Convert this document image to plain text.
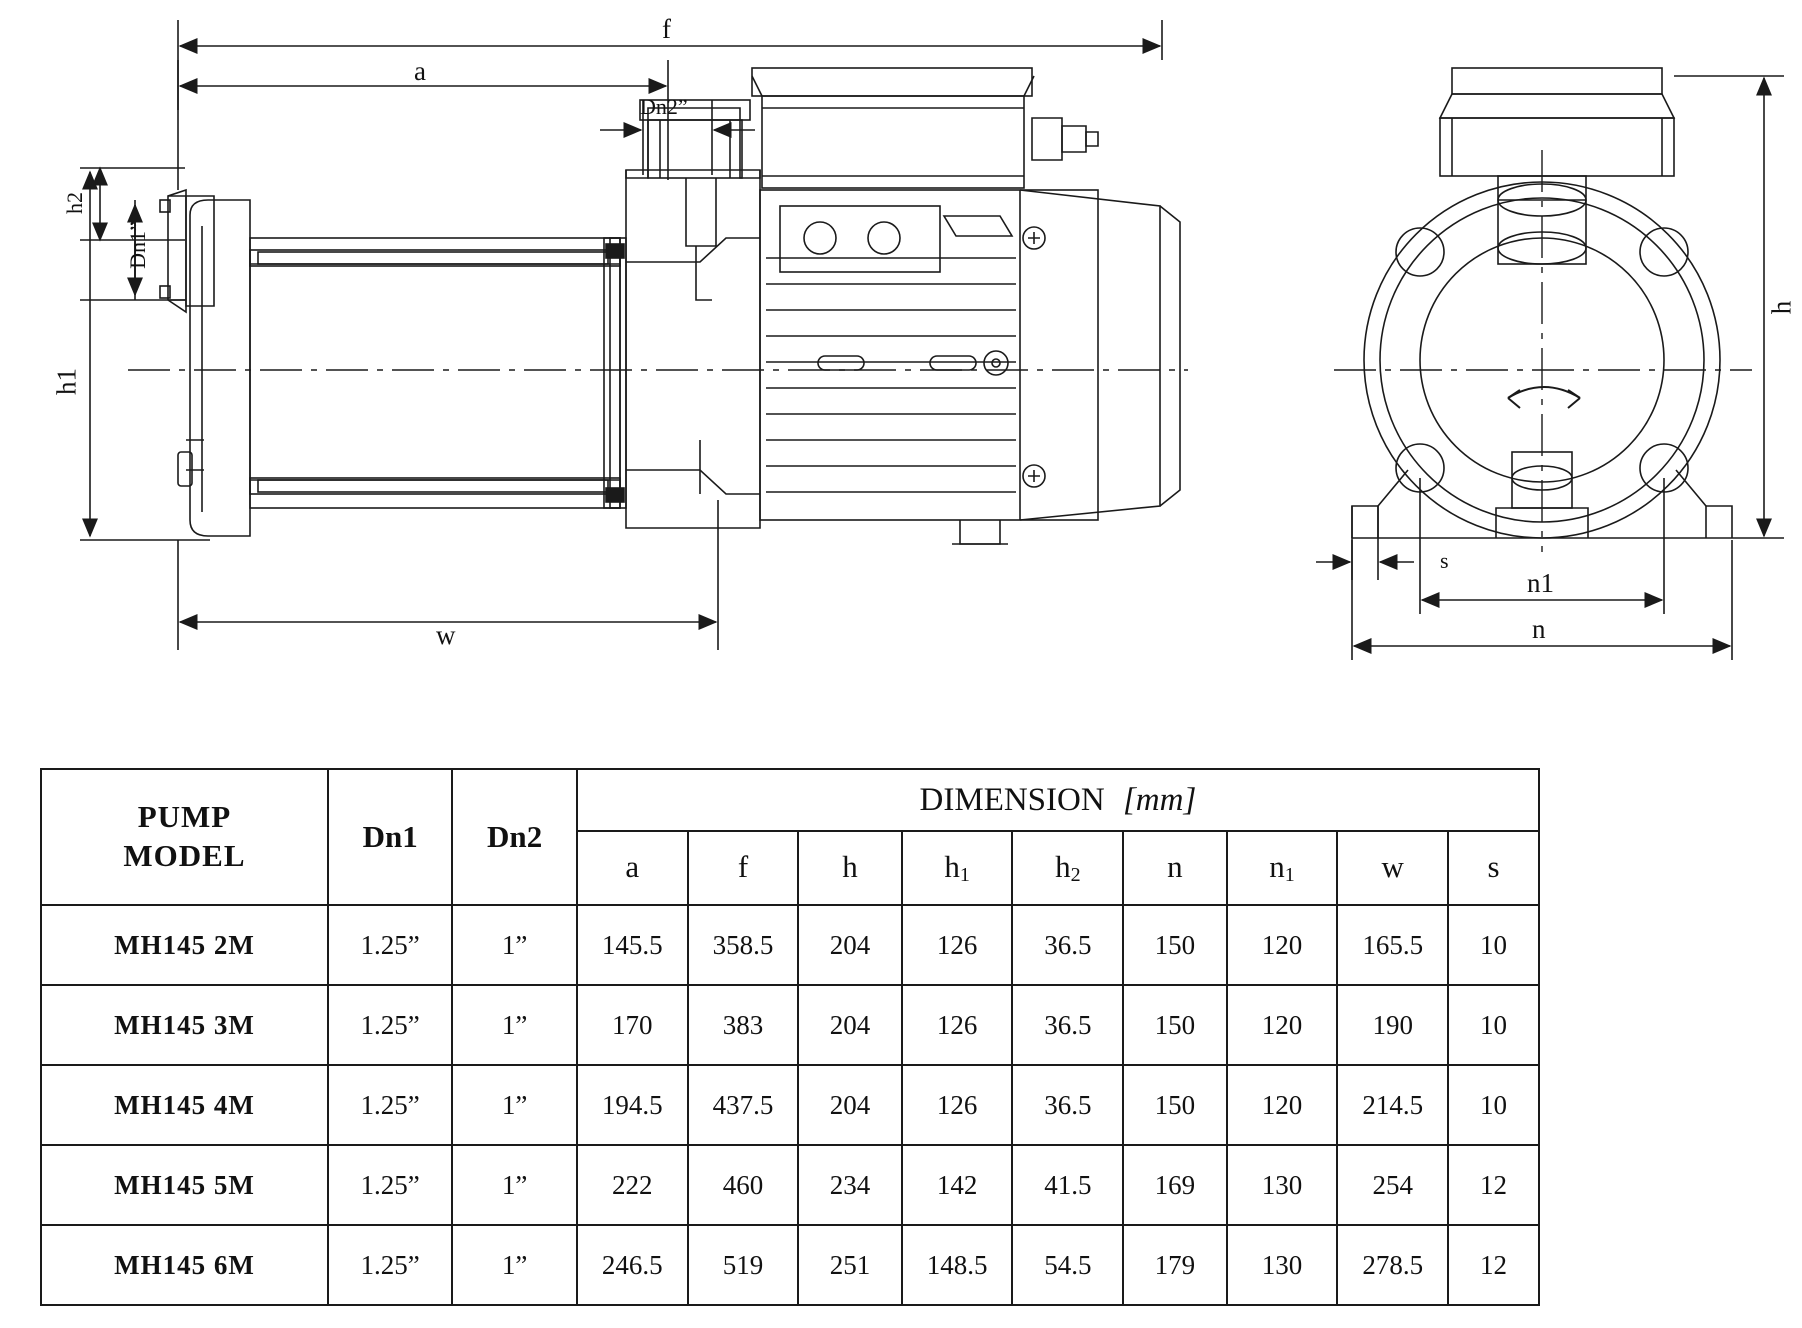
f
a
Dn2”
Dn1”
h2
h1
w
h
s
n1
n
PUMP
MODEL	Dn1	Dn2	DIMENSION [mm]								
			a	f	h	$h_1$	$h_2$	n	$n_1$	w	s
MH145 2M	1.25”	1”	145.5	358.5	204	126	36.5	150	120	165.5	10
MH145 3M	1.25”	1”	170	383	204	126	36.5	150	120	190	10
MH145 4M	1.25”	1”	194.5	437.5	204	126	36.5	150	120	214.5	10
MH145 5M	1.25”	1”	222	460	234	142	41.5	169	130	254	12
MH145 6M	1.25”	1”	246.5	519	251	148.5	54.5	179	130	278.5	12
